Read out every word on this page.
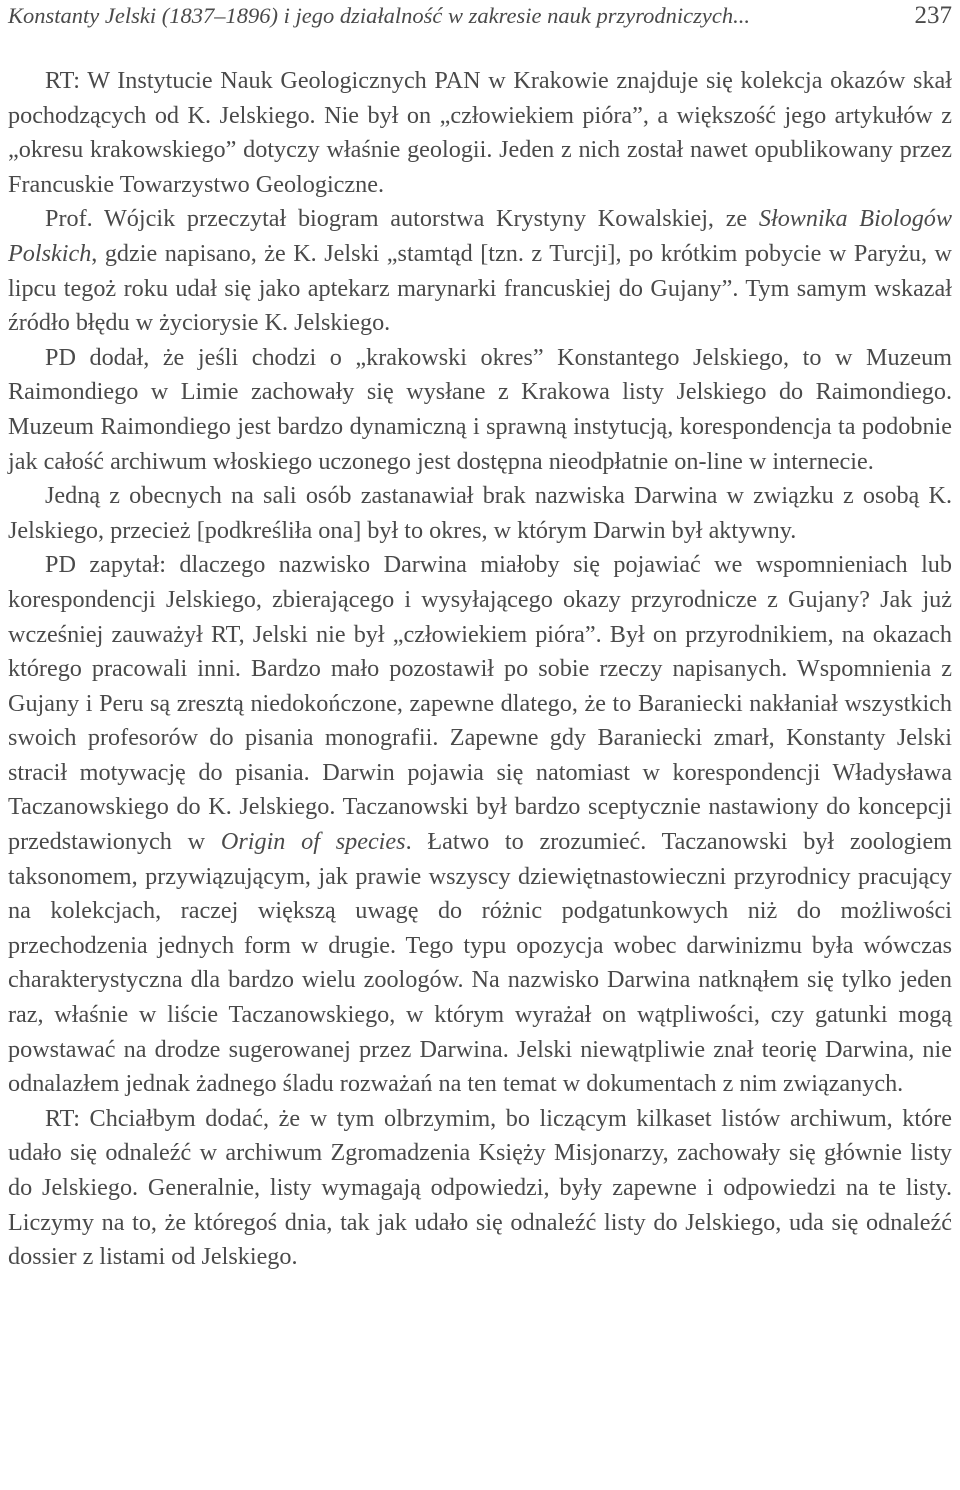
Konstanty Jelski (1837–1896) i jego działalność w zakresie nauk przyrodniczych...	237

RT: W Instytucie Nauk Geologicznych PAN w Krakowie znajduje się kolekcja okazów skał pochodzących od K. Jelskiego. Nie był on „człowiekiem pióra”, a większość jego artykułów z „okresu krakowskiego” dotyczy właśnie geologii. Jeden z nich został nawet opublikowany przez Francuskie Towarzystwo Geologiczne.

Prof. Wójcik przeczytał biogram autorstwa Krystyny Kowalskiej, ze Słownika Biologów Polskich, gdzie napisano, że K. Jelski „stamtąd [tzn. z Turcji], po krótkim pobycie w Paryżu, w lipcu tegoż roku udał się jako aptekarz marynarki francuskiej do Gujany”. Tym samym wskazał źródło błędu w życiorysie K. Jelskiego.

PD dodał, że jeśli chodzi o „krakowski okres” Konstantego Jelskiego, to w Muzeum Raimondiego w Limie zachowały się wysłane z Krakowa listy Jelskiego do Raimondiego. Muzeum Raimondiego jest bardzo dynamiczną i sprawną instytucją, korespondencja ta podobnie jak całość archiwum włoskiego uczonego jest dostępna nieodpłatnie on-line w internecie.

Jedną z obecnych na sali osób zastanawiał brak nazwiska Darwina w związku z osobą K. Jelskiego, przecież [podkreśliła ona] był to okres, w którym Darwin był aktywny.

PD zapytał: dlaczego nazwisko Darwina miałoby się pojawiać we wspomnieniach lub korespondencji Jelskiego, zbierającego i wysyłającego okazy przyrodnicze z Gujany? Jak już wcześniej zauważył RT, Jelski nie był „człowiekiem pióra”. Był on przyrodnikiem, na okazach którego pracowali inni. Bardzo mało pozostawił po sobie rzeczy napisanych. Wspomnienia z Gujany i Peru są zresztą niedokończone, zapewne dlatego, że to Baraniecki nakłaniał wszystkich swoich profesorów do pisania monografii. Zapewne gdy Baraniecki zmarł, Konstanty Jelski stracił motywację do pisania. Darwin pojawia się natomiast w korespondencji Władysława Taczanowskiego do K. Jelskiego. Taczanowski był bardzo sceptycznie nastawiony do koncepcji przedstawionych w Origin of species. Łatwo to zrozumieć. Taczanowski był zoologiem taksonomem, przywiązującym, jak prawie wszyscy dziewiętnastowieczni przyrodnicy pracujący na kolekcjach, raczej większą uwagę do różnic podgatunkowych niż do możliwości przechodzenia jednych form w drugie. Tego typu opozycja wobec darwinizmu była wówczas charakterystyczna dla bardzo wielu zoologów. Na nazwisko Darwina natknąłem się tylko jeden raz, właśnie w liście Taczanowskiego, w którym wyrażał on wątpliwości, czy gatunki mogą powstawać na drodze sugerowanej przez Darwina. Jelski niewątpliwie znał teorię Darwina, nie odnalazłem jednak żadnego śladu rozważań na ten temat w dokumentach z nim związanych.

RT: Chciałbym dodać, że w tym olbrzymim, bo liczącym kilkaset listów archiwum, które udało się odnaleźć w archiwum Zgromadzenia Księży Misjonarzy, zachowały się głównie listy do Jelskiego. Generalnie, listy wymagają odpowiedzi, były zapewne i odpowiedzi na te listy. Liczymy na to, że któregoś dnia, tak jak udało się odnaleźć listy do Jelskiego, uda się odnaleźć dossier z listami od Jelskiego.
